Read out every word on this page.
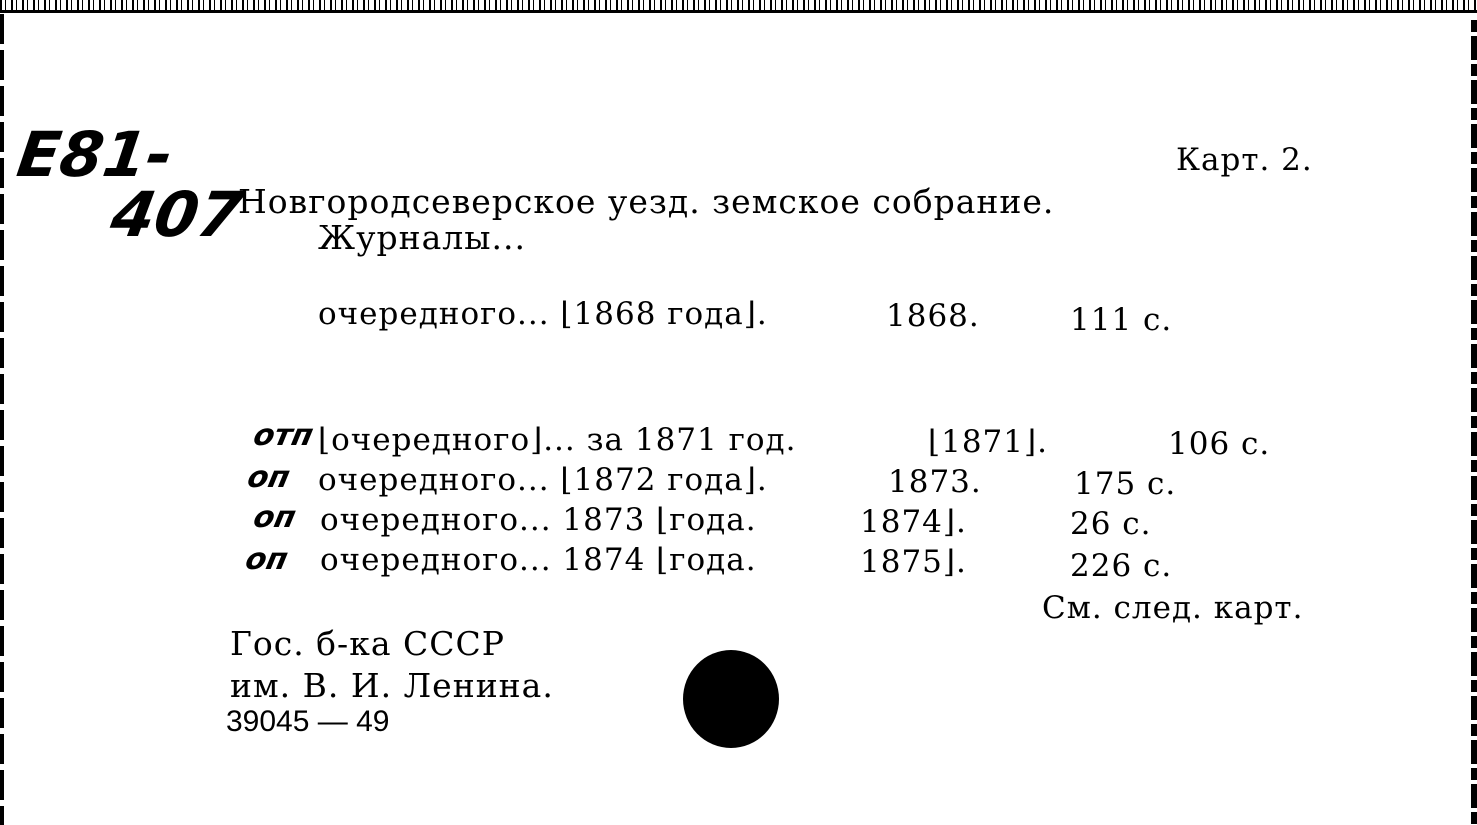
E81-
407
Карт. 2.
Новгородсеверское уезд. земское собрание.
Журналы...
очередного... ⌊1868 года⌋.	1868.	111 с.
отп ⌊очередного⌋... за 1871 год.	⌊1871⌋.	106 с.
оп очередного... ⌊1872 года⌋.	1873.	175 с.
оп очередного... 1873 ⌊года.	1874⌋.	26 с.
оп очередного... 1874 ⌊года.	1875⌋.	226 с.
См. след. карт.
Гос. б-ка СССР
им. В. И. Ленина.
39045 — 49
